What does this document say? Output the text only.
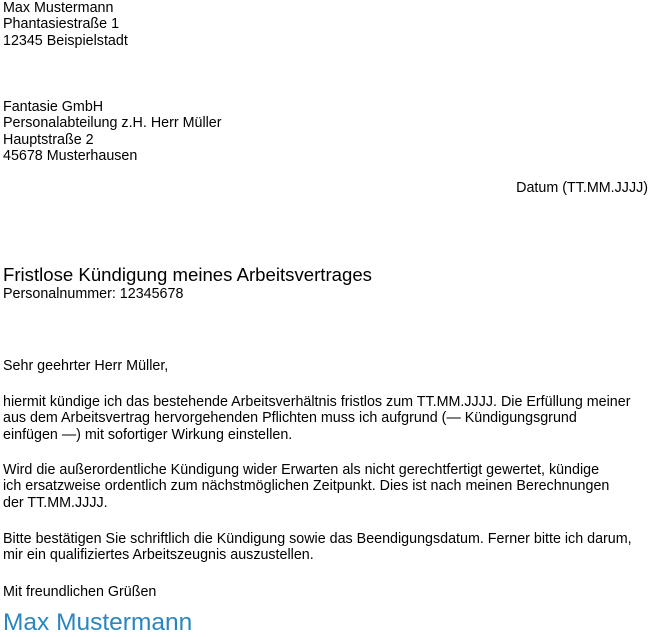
Max Mustermann
Phantasiestraße 1
12345 Beispielstadt
Fantasie GmbH
Personalabteilung z.H. Herr Müller
Hauptstraße 2
45678 Musterhausen
Datum (TT.MM.JJJJ)
Fristlose Kündigung meines Arbeitsvertrages
Personalnummer: 12345678
Sehr geehrter Herr Müller,
hiermit kündige ich das bestehende Arbeitsverhältnis fristlos zum TT.MM.JJJJ. Die Erfüllung meiner
aus dem Arbeitsvertrag hervorgehenden Pflichten muss ich aufgrund (— Kündigungsgrund
einfügen —) mit sofortiger Wirkung einstellen.
Wird die außerordentliche Kündigung wider Erwarten als nicht gerechtfertigt gewertet, kündige
ich ersatzweise ordentlich zum nächstmöglichen Zeitpunkt. Dies ist nach meinen Berechnungen
der TT.MM.JJJJ.
Bitte bestätigen Sie schriftlich die Kündigung sowie das Beendigungsdatum. Ferner bitte ich darum,
mir ein qualifiziertes Arbeitszeugnis auszustellen.
Mit freundlichen Grüßen
Max Mustermann
